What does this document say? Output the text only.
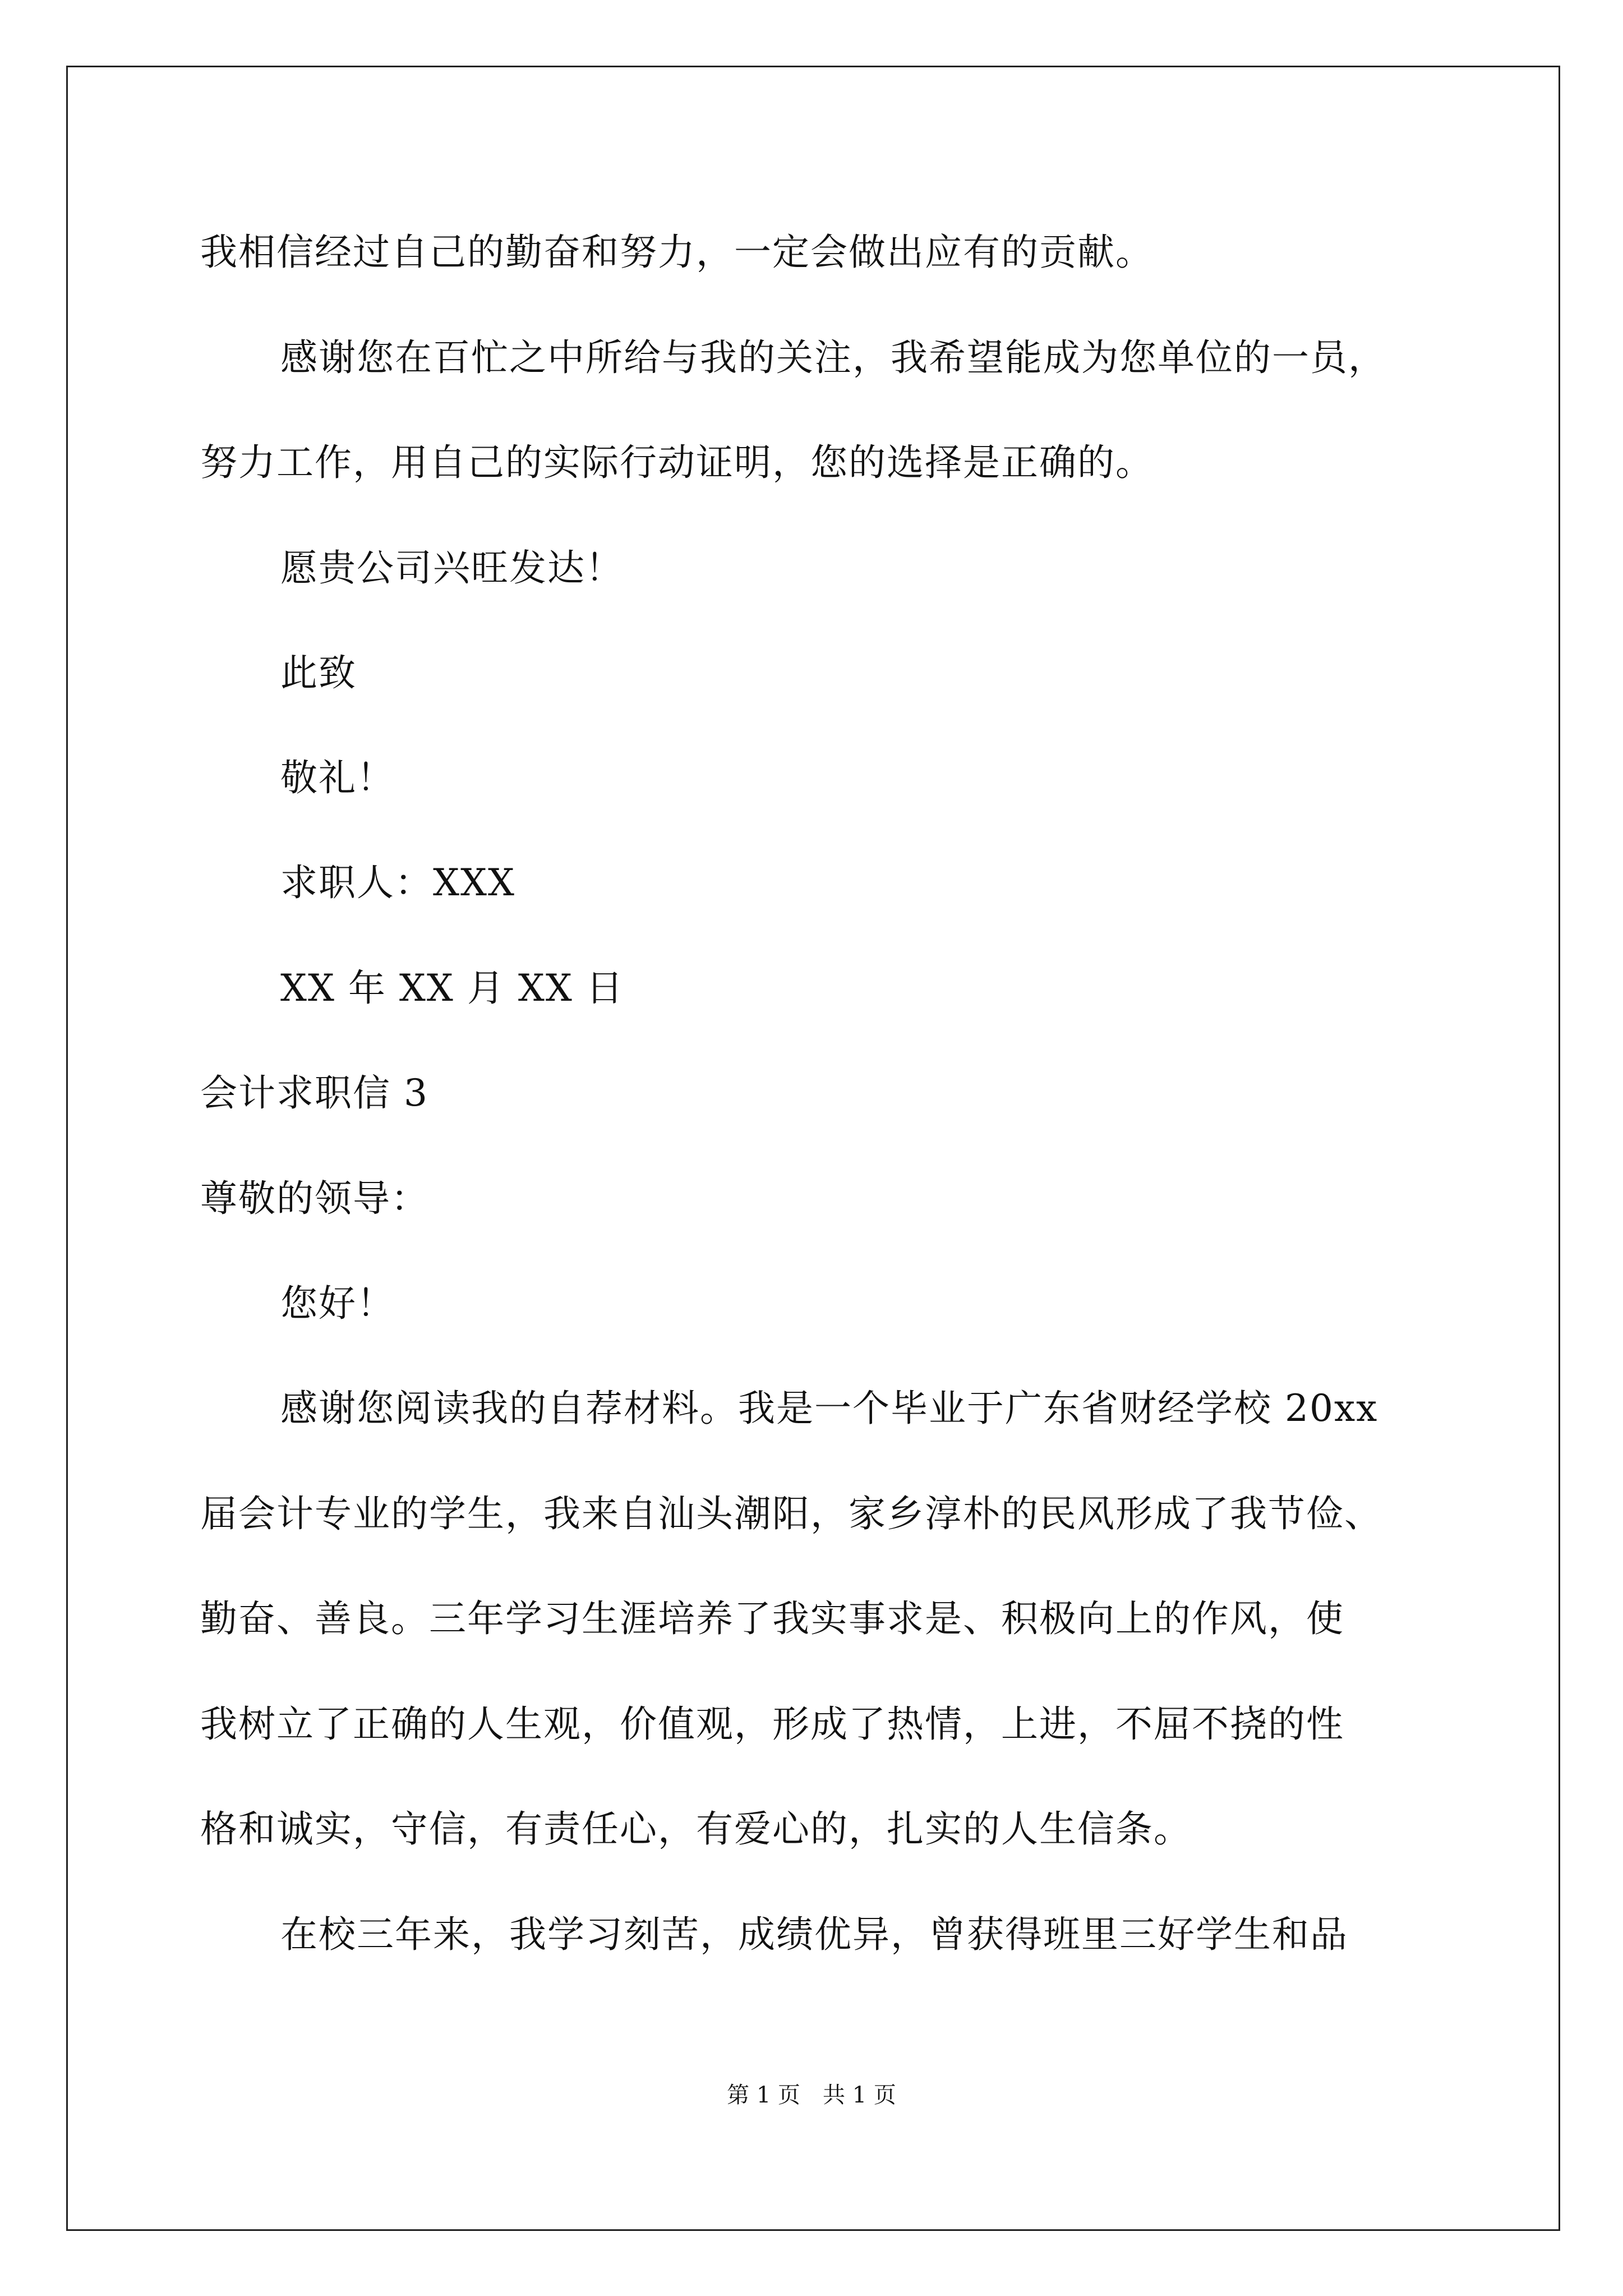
我相信经过自己的勤奋和努力，一定会做出应有的贡献。
感谢您在百忙之中所给与我的关注，我希望能成为您单位的一员，
努力工作，用自己的实际行动证明，您的选择是正确的。
愿贵公司兴旺发达！
此致
敬礼！
求职人：XXX
XX 年 XX 月 XX 日
会计求职信 3
尊敬的领导：
您好！
感谢您阅读我的自荐材料。我是一个毕业于广东省财经学校 20xx
届会计专业的学生，我来自汕头潮阳，家乡淳朴的民风形成了我节俭、
勤奋、善良。三年学习生涯培养了我实事求是、积极向上的作风，使
我树立了正确的人生观，价值观，形成了热情，上进，不屈不挠的性
格和诚实，守信，有责任心，有爱心的，扎实的人生信条。
在校三年来，我学习刻苦，成绩优异，曾获得班里三好学生和品
第 1 页　共 1 页
